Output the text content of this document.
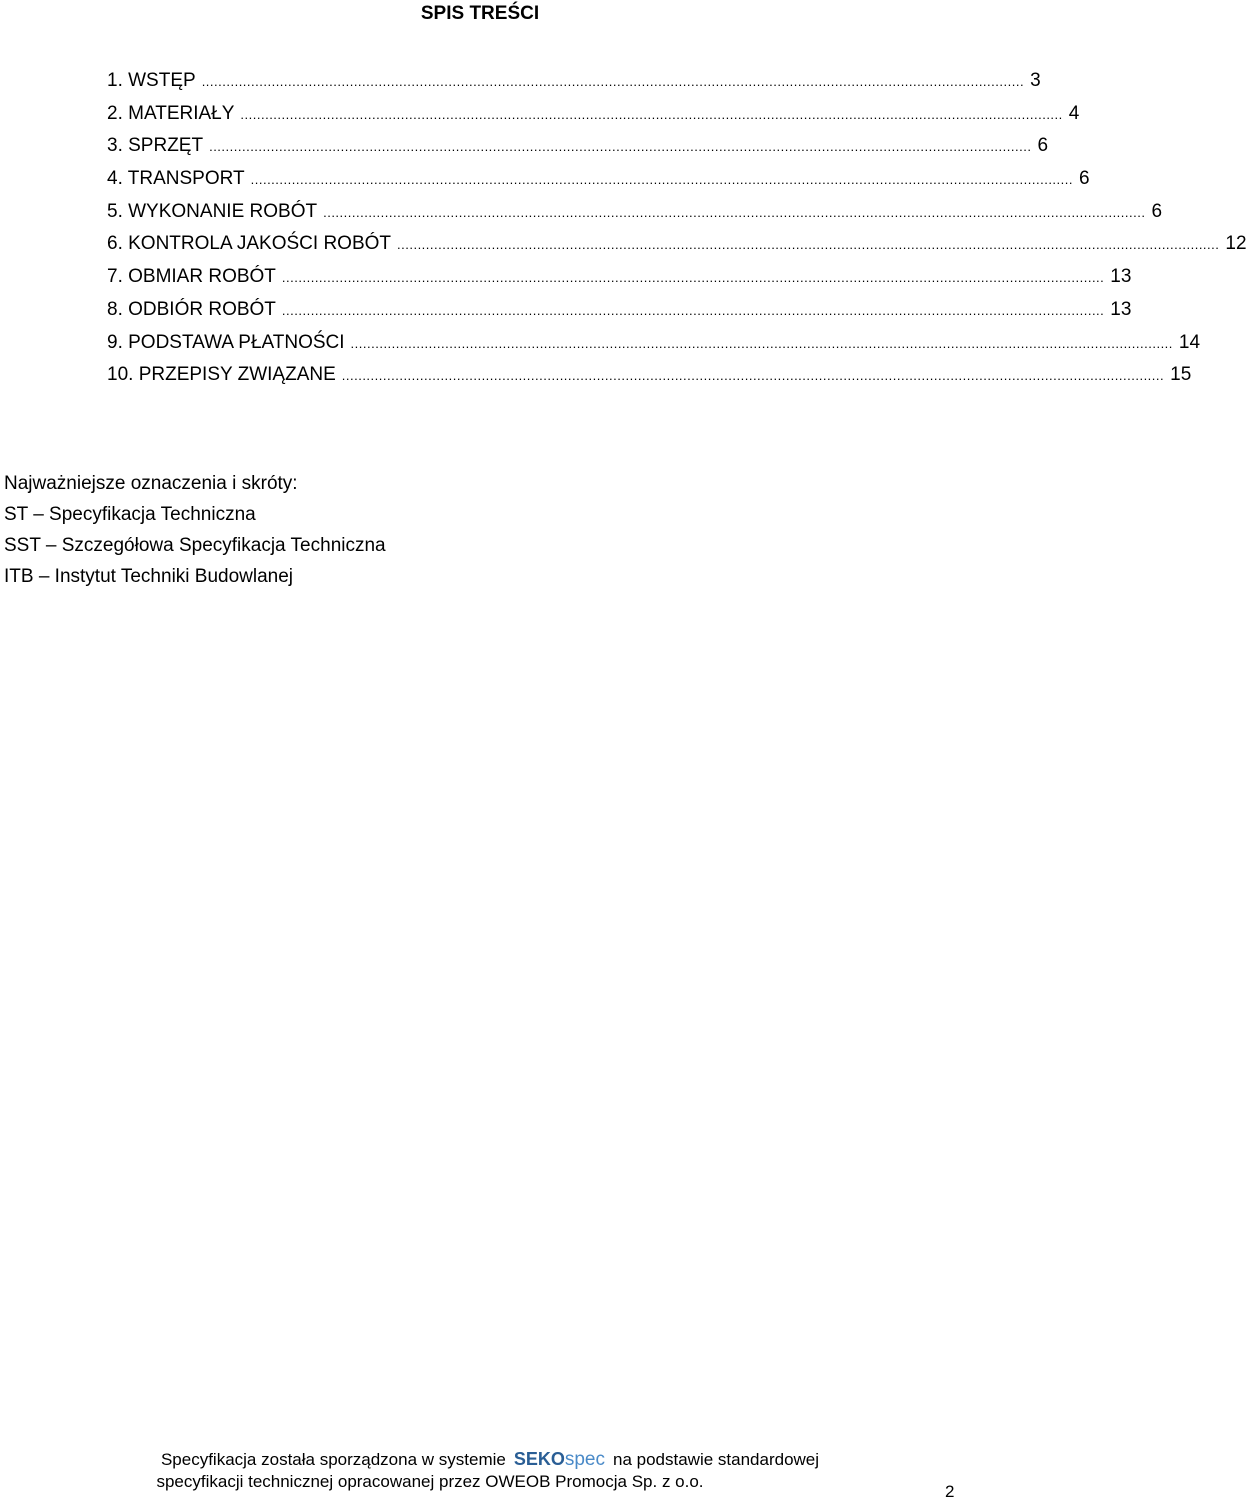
SPIS TREŚCI
1. WSTĘP ........................................................................................................................................................................................................ 3
2. MATERIAŁY ........................................................................................................................................................................................................ 4
3. SPRZĘT ........................................................................................................................................................................................................ 6
4. TRANSPORT ........................................................................................................................................................................................................ 6
5. WYKONANIE ROBÓT ........................................................................................................................................................................................................ 6
6. KONTROLA JAKOŚCI ROBÓT ........................................................................................................................................................................................................ 12
7. OBMIAR ROBÓT ........................................................................................................................................................................................................ 13
8. ODBIÓR ROBÓT ........................................................................................................................................................................................................ 13
9. PODSTAWA PŁATNOŚCI ........................................................................................................................................................................................................ 14
10. PRZEPISY ZWIĄZANE ........................................................................................................................................................................................................ 15
Najważniejsze oznaczenia i skróty:
ST – Specyfikacja Techniczna
SST – Szczegółowa Specyfikacja Techniczna
ITB – Instytut Techniki Budowlanej
Specyfikacja została sporządzona w systemie SEKOspec na podstawie standardowej
specyfikacji technicznej opracowanej przez OWEOB Promocja Sp. z o.o.
2
